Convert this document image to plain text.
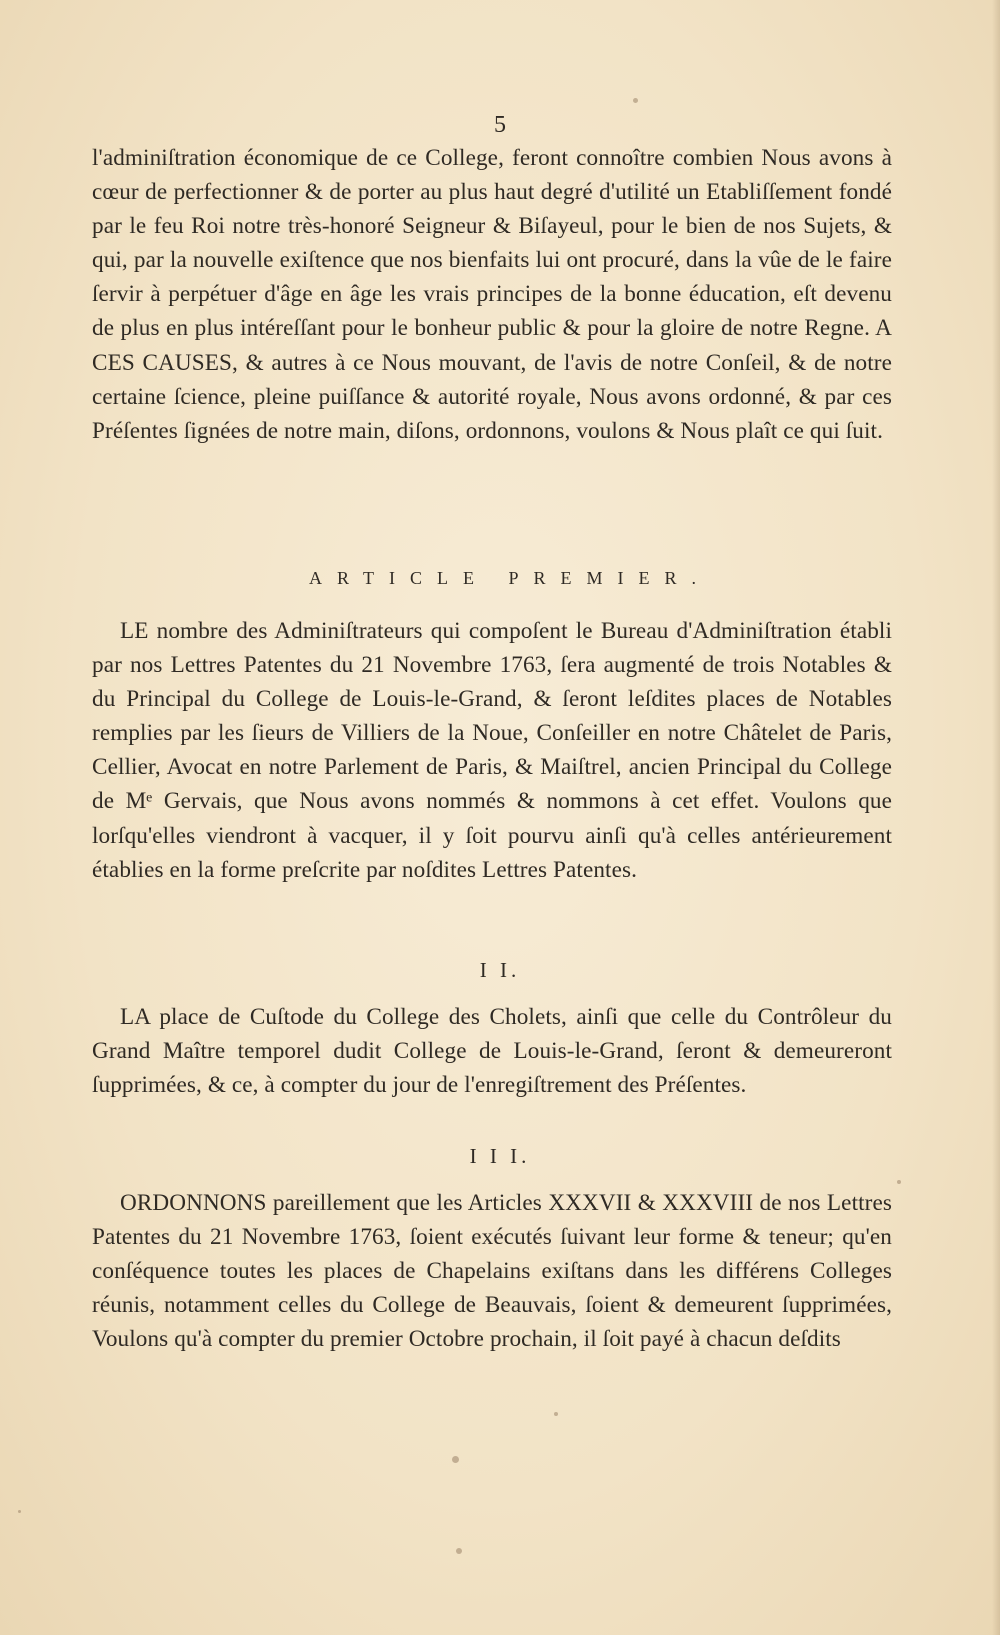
5

l'adminiſtration économique de ce College, feront connoître combien Nous avons à cœur de perfectionner & de porter au plus haut degré d'utilité un Etabliſſement fondé par le feu Roi notre très-honoré Seigneur & Biſayeul, pour le bien de nos Sujets, & qui, par la nouvelle exiſtence que nos bienfaits lui ont procuré, dans la vûe de le faire ſervir à perpétuer d'âge en âge les vrais principes de la bonne éducation, eſt devenu de plus en plus intéreſſant pour le bonheur public & pour la gloire de notre Regne. A CES CAUSES, & autres à ce Nous mouvant, de l'avis de notre Conſeil, & de notre certaine ſcience, pleine puiſſance & autorité royale, Nous avons ordonné, & par ces Préſentes ſignées de notre main, diſons, ordonnons, voulons & Nous plaît ce qui ſuit.

ARTICLE PREMIER.

LE nombre des Adminiſtrateurs qui compoſent le Bureau d'Adminiſtration établi par nos Lettres Patentes du 21 Novembre 1763, ſera augmenté de trois Notables & du Principal du College de Louis-le-Grand, & ſeront leſdites places de Notables remplies par les ſieurs de Villiers de la Noue, Conſeiller en notre Châtelet de Paris, Cellier, Avocat en notre Parlement de Paris, & Maiſtrel, ancien Principal du College de Mᵉ Gervais, que Nous avons nommés & nommons à cet effet. Voulons que lorſqu'elles viendront à vacquer, il y ſoit pourvu ainſi qu'à celles antérieurement établies en la forme preſcrite par noſdites Lettres Patentes.

I I.

LA place de Cuſtode du College des Cholets, ainſi que celle du Contrôleur du Grand Maître temporel dudit College de Louis-le-Grand, ſeront & demeureront ſupprimées, & ce, à compter du jour de l'enregiſtrement des Préſentes.

I I I.

ORDONNONS pareillement que les Articles XXXVII & XXXVIII de nos Lettres Patentes du 21 Novembre 1763, ſoient exécutés ſuivant leur forme & teneur; qu'en conſéquence toutes les places de Chapelains exiſtans dans les différens Colleges réunis, notamment celles du College de Beauvais, ſoient & demeurent ſupprimées, Voulons qu'à compter du premier Octobre prochain, il ſoit payé à chacun deſdits
